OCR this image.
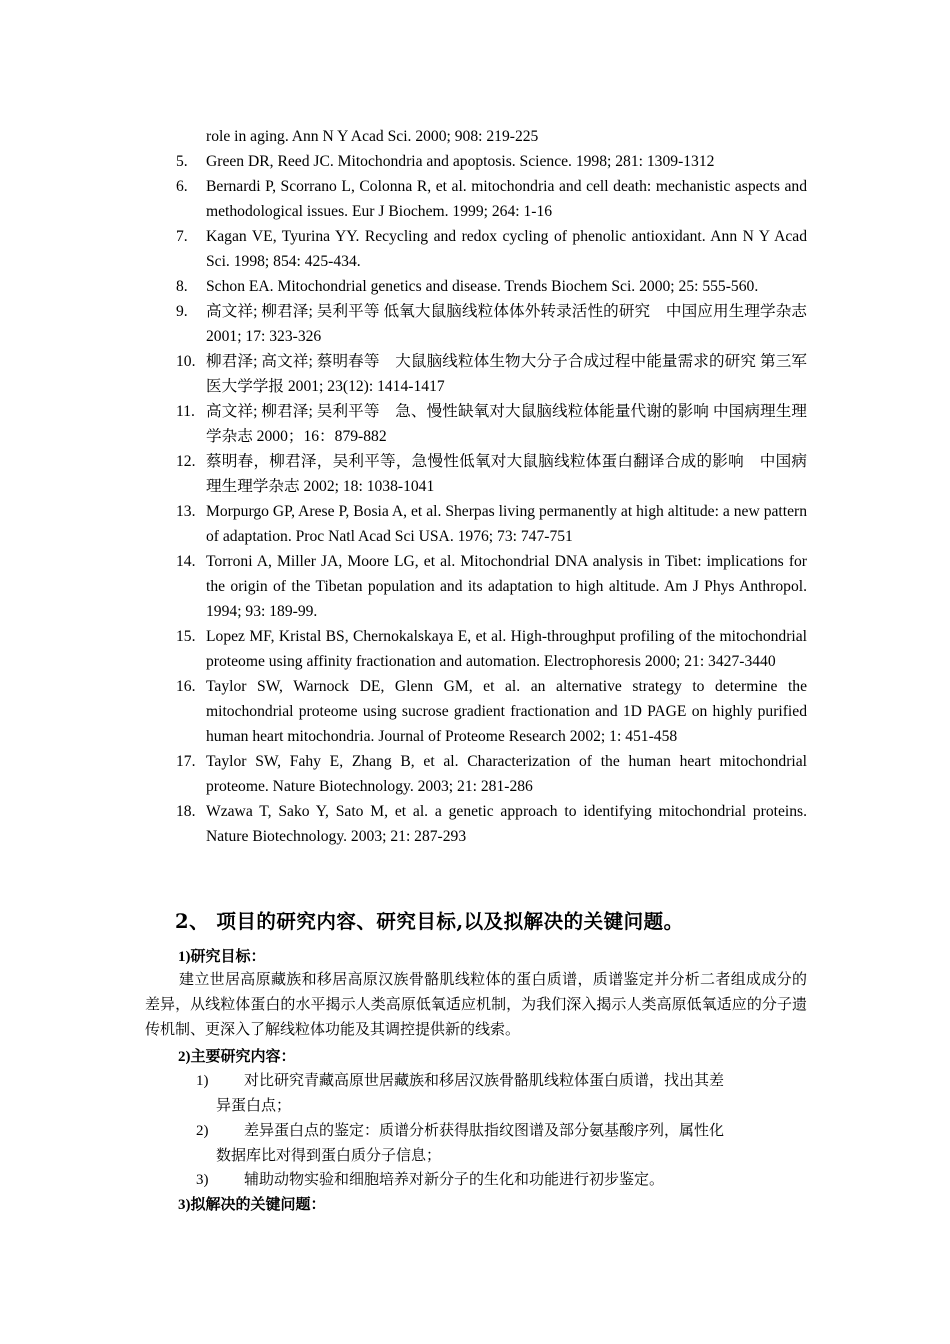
role in aging. Ann N Y Acad Sci. 2000; 908: 219-225
5.	Green DR, Reed JC. Mitochondria and apoptosis. Science. 1998; 281: 1309-1312
6.	Bernardi P, Scorrano L, Colonna R, et al. mitochondria and cell death: mechanistic aspects and methodological issues. Eur J Biochem. 1999; 264: 1-16
7.	Kagan VE, Tyurina YY. Recycling and redox cycling of phenolic antioxidant. Ann N Y Acad Sci. 1998; 854: 425-434.
8.	Schon EA. Mitochondrial genetics and disease. Trends Biochem Sci. 2000; 25: 555-560.
9.	高文祥; 柳君泽; 吴利平等 低氧大鼠脑线粒体体外转录活性的研究　中国应用生理学杂志 2001; 17: 323-326
10. 柳君泽; 高文祥; 蔡明春等　大鼠脑线粒体生物大分子合成过程中能量需求的研究 第三军医大学学报 2001; 23(12): 1414-1417
11. 高文祥; 柳君泽; 吴利平等　急、慢性缺氧对大鼠脑线粒体能量代谢的影响 中国病理生理学杂志 2000；16：879-882
12. 蔡明春，柳君泽，吴利平等，急慢性低氧对大鼠脑线粒体蛋白翻译合成的影响　中国病理生理学杂志 2002; 18: 1038-1041
13. Morpurgo GP, Arese P, Bosia A, et al. Sherpas living permanently at high altitude: a new pattern of adaptation. Proc Natl Acad Sci USA. 1976; 73: 747-751
14. Torroni A, Miller JA, Moore LG, et al. Mitochondrial DNA analysis in Tibet: implications for the origin of the Tibetan population and its adaptation to high altitude. Am J Phys Anthropol. 1994; 93: 189-99.
15. Lopez MF, Kristal BS, Chernokalskaya E, et al. High-throughput profiling of the mitochondrial proteome using affinity fractionation and automation. Electrophoresis 2000; 21: 3427-3440
16. Taylor SW, Warnock DE, Glenn GM, et al. an alternative strategy to determine the mitochondrial proteome using sucrose gradient fractionation and 1D PAGE on highly purified human heart mitochondria. Journal of Proteome Research 2002; 1: 451-458
17. Taylor SW, Fahy E, Zhang B, et al. Characterization of the human heart mitochondrial proteome. Nature Biotechnology. 2003; 21: 281-286
18. Wzawa T, Sako Y, Sato M, et al. a genetic approach to identifying mitochondrial proteins. Nature Biotechnology. 2003; 21: 287-293
2、 项目的研究内容、研究目标,以及拟解决的关键问题。
1)研究目标：
建立世居高原藏族和移居高原汉族骨骼肌线粒体的蛋白质谱，质谱鉴定并分析二者组成成分的差异，从线粒体蛋白的水平揭示人类高原低氧适应机制，为我们深入揭示人类高原低氧适应的分子遗传机制、更深入了解线粒体功能及其调控提供新的线索。
2)主要研究内容：
1) 对比研究青藏高原世居藏族和移居汉族骨骼肌线粒体蛋白质谱，找出其差
异蛋白点；
2) 差异蛋白点的鉴定：质谱分析获得肽指纹图谱及部分氨基酸序列，属性化
数据库比对得到蛋白质分子信息；
3) 辅助动物实验和细胞培养对新分子的生化和功能进行初步鉴定。
3)拟解决的关键问题：
